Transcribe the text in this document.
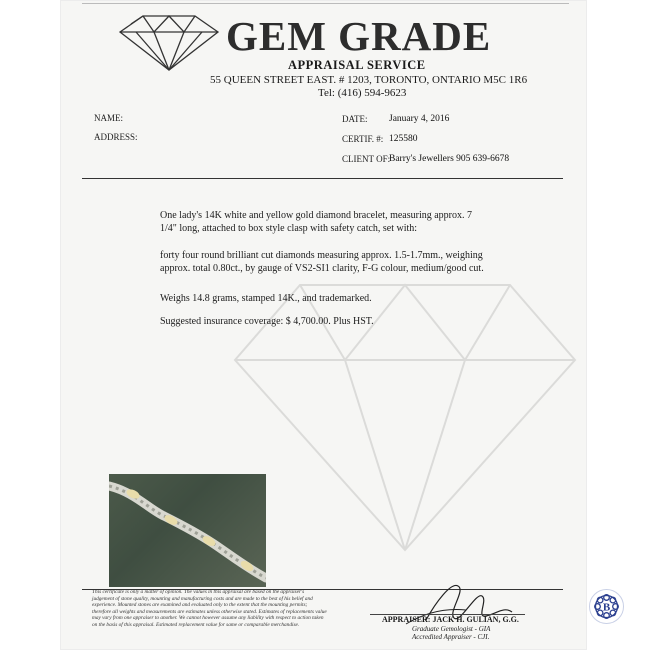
GEM GRADE
APPRAISAL SERVICE
55 QUEEN STREET EAST. # 1203, TORONTO, ONTARIO M5C 1R6
Tel: (416) 594-9623
NAME:
ADDRESS:
DATE: January 4, 2016
CERTIF. #: 125580
CLIENT OF:
Barry's Jewellers 905 639-6678
One lady's 14K white and yellow gold diamond bracelet, measuring approx. 7 1/4" long, attached to box style clasp with safety catch, set with:
forty four round brilliant cut diamonds measuring approx. 1.5-1.7mm., weighing approx. total 0.80ct., by gauge of VS2-SI1 clarity, F-G colour, medium/good cut.
Weighs 14.8 grams, stamped 14K., and trademarked.
Suggested insurance coverage: $ 4,700.00. Plus HST.
This certificate is only a matter of opinion. The values in this appraisal are based on the appraiser's judgement of stone quality, mounting and manufacturing costs and are made to the best of his belief and experience. Mounted stones are examined and evaluated only to the extent that the mounting permits; therefore all weights and measurements are estimates unless otherwise stated. Estimates of replacements value may vary from one appraiser to another. We cannot however assume any liability with respect to action taken on the basis of this appraisal. Estimated replacement value for same or comparable merchandise.
APPRAISER: JACK H. GULIAN, G.G.
Graduate Gemologist - GIA
Accredited Appraiser - CJI.
B
